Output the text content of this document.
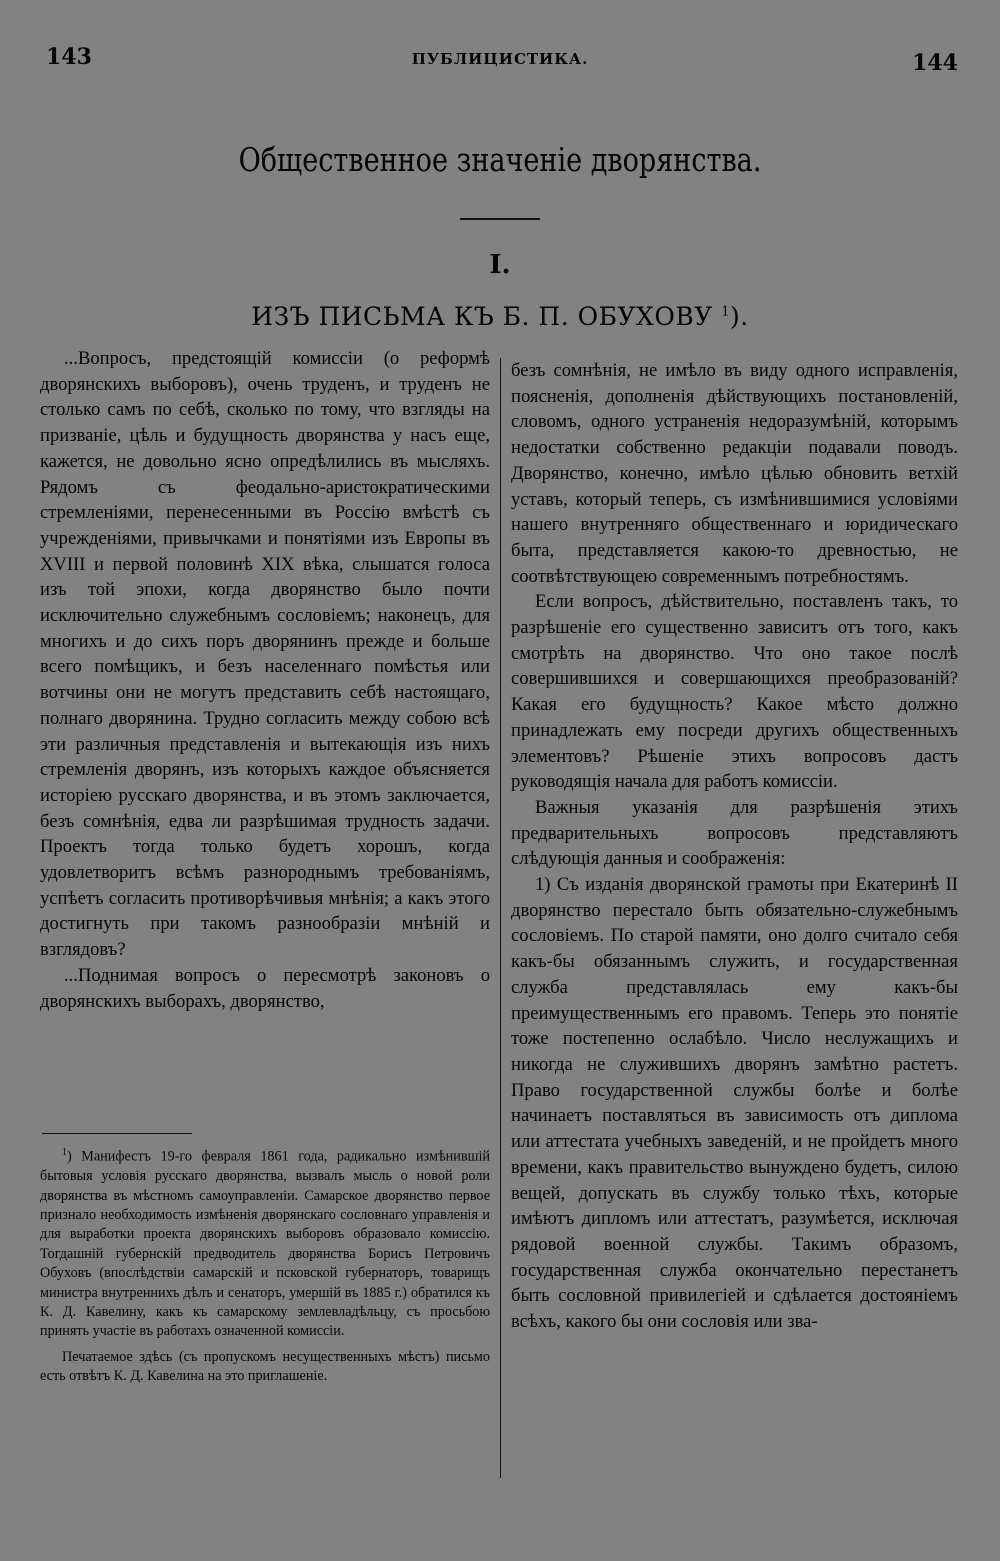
143	ПУБЛИЦИСТИКА.	144
Общественное значеніе дворянства.
I.
ИЗЪ ПИСЬМА КЪ Б. П. ОБУХОВУ $^1$).

...Вопросъ, предстоящій комиссіи (о реформѣ дворянскихъ выборовъ), очень труденъ, и труденъ не столько самъ по себѣ, сколько по тому, что взгляды на призваніе, цѣль и будущность дворянства у насъ еще, кажется, не довольно ясно опредѣлились въ мысляхъ. Рядомъ съ феодально-аристократическими стремленіями, перенесенными въ Россію вмѣстѣ съ учрежденіями, привычками и понятіями изъ Европы въ XVIII и первой половинѣ XIX вѣка, слышатся голоса изъ той эпохи, когда дворянство было почти исключительно служебнымъ сословіемъ; наконецъ, для многихъ и до сихъ поръ дворянинъ прежде и больше всего помѣщикъ, и безъ населеннаго помѣстья или вотчины они не могутъ представить себѣ настоящаго, полнаго дворянина. Трудно согласить между собою всѣ эти различныя представленія и вытекающія изъ нихъ стремленія дворянъ, изъ которыхъ каждое объясняется исторіею русскаго дворянства, и въ этомъ заключается, безъ сомнѣнія, едва ли разрѣшимая трудность задачи. Проектъ тогда только будетъ хорошъ, когда удовлетворитъ всѣмъ разнороднымъ требованіямъ, успѣетъ согласить противорѣчивыя мнѣнія; а какъ этого достигнуть при такомъ разнообразіи мнѣній и взглядовъ?

...Поднимая вопросъ о пересмотрѣ законовъ о дворянскихъ выборахъ, дворянство,

безъ сомнѣнія, не имѣло въ виду одного исправленія, поясненія, дополненія дѣйствующихъ постановленій, словомъ, одного устраненія недоразумѣній, которымъ недостатки собственно редакціи подавали поводъ. Дворянство, конечно, имѣло цѣлью обновить ветхій уставъ, который теперь, съ измѣнившимися условіями нашего внутренняго общественнаго и юридическаго быта, представляется какою-то древностью, не соотвѣтствующею современнымъ потребностямъ.

Если вопросъ, дѣйствительно, поставленъ такъ, то разрѣшеніе его существенно зависитъ отъ того, какъ смотрѣть на дворянство. Что оно такое послѣ совершившихся и совершающихся преобразованій? Какая его будущность? Какое мѣсто должно принадлежать ему посреди другихъ общественныхъ элементовъ? Рѣшеніе этихъ вопросовъ дастъ руководящія начала для работъ комиссіи.

Важныя указанія для разрѣшенія этихъ предварительныхъ вопросовъ представляютъ слѣдующія данныя и соображенія:

1) Съ изданія дворянской грамоты при Екатеринѣ II дворянство перестало быть обязательно-служебнымъ сословіемъ. По старой памяти, оно долго считало себя какъ-бы обязаннымъ служить, и государственная служба представлялась ему какъ-бы преимущественнымъ его правомъ. Теперь это понятіе тоже постепенно ослабѣло. Число неслужащихъ и никогда не служившихъ дворянъ замѣтно растетъ. Право государственной службы болѣе и болѣе начинаетъ поставляться въ зависимость отъ диплома или аттестата учебныхъ заведеній, и не пройдетъ много времени, какъ правительство вынуждено будетъ, силою вещей, допускать въ службу только тѣхъ, которые имѣютъ дипломъ или аттестатъ, разумѣется, исключая рядовой военной службы. Такимъ образомъ, государственная служба окончательно перестанетъ быть сословной привилегіей и сдѣлается достояніемъ всѣхъ, какого бы они сословія или зва-

$^1$) Манифестъ 19-го февраля 1861 года, радикально измѣнившій бытовыя условія русскаго дворянства, вызвалъ мысль о новой роли дворянства въ мѣстномъ самоуправленіи. Самарское дворянство первое признало необходимость измѣненія дворянскаго сословнаго управленія и для выработки проекта дворянскихъ выборовъ образовало комиссію. Тогдашній губернскій предводитель дворянства Борисъ Петровичъ Обуховъ (впослѣдствіи самарскій и псковской губернаторъ, товарищъ министра внутреннихъ дѣлъ и сенаторъ, умершій въ 1885 г.) обратился къ К. Д. Кавелину, какъ къ самарскому землевладѣльцу, съ просьбою принять участіе въ работахъ означенной комиссіи.

Печатаемое здѣсь (съ пропускомъ несущественныхъ мѣстъ) письмо есть отвѣтъ К. Д. Кавелина на это приглашеніе.
